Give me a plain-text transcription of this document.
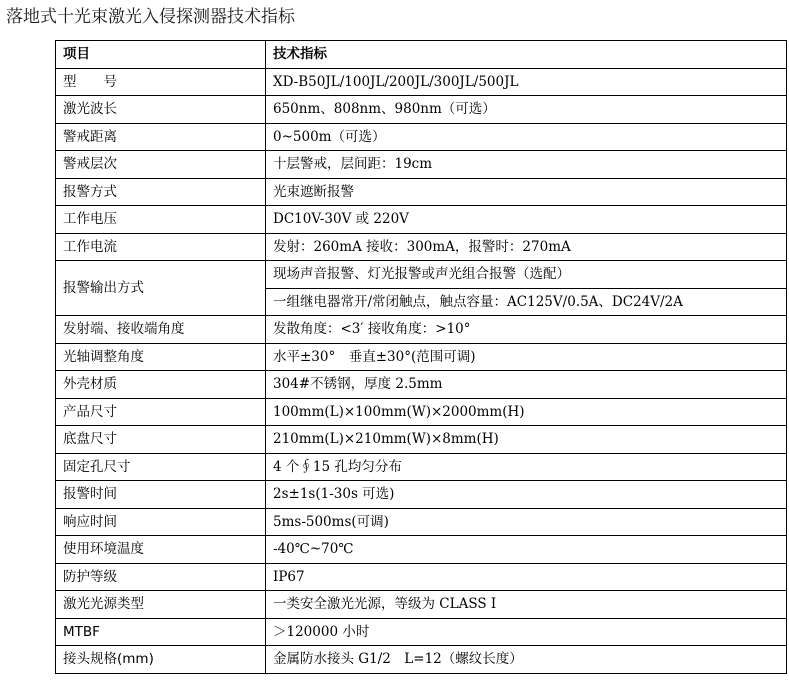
落地式十光束激光入侵探测器技术指标
项目	技术指标
型　　号	XD-B50JL/100JL/200JL/300JL/500JL
激光波长	650nm、808nm、980nm（可选）
警戒距离	0~500m（可选）
警戒层次	十层警戒，层间距：19cm
报警方式	光束遮断报警
工作电压	DC10V-30V 或 220V
工作电流	发射：260mA 接收：300mA，报警时：270mA
报警输出方式	现场声音报警、灯光报警或声光组合报警（选配）
	一组继电器常开/常闭触点，触点容量：AC125V/0.5A、DC24V/2A
发射端、接收端角度	发散角度：<3′ 接收角度：>10°
光轴调整角度	水平±30°　垂直±30°(范围可调)
外壳材质	304#不锈钢，厚度 2.5mm
产品尺寸	100mm(L)×100mm(W)×2000mm(H)
底盘尺寸	210mm(L)×210mm(W)×8mm(H)
固定孔尺寸	4 个∮15 孔均匀分布
报警时间	2s±1s(1-30s 可选)
响应时间	5ms-500ms(可调)
使用环境温度	-40℃~70℃
防护等级	IP67
激光光源类型	一类安全激光光源，等级为 CLASS Ⅰ
MTBF	＞120000 小时
接头规格(mm)	金属防水接头 G1/2　L=12（螺纹长度）
